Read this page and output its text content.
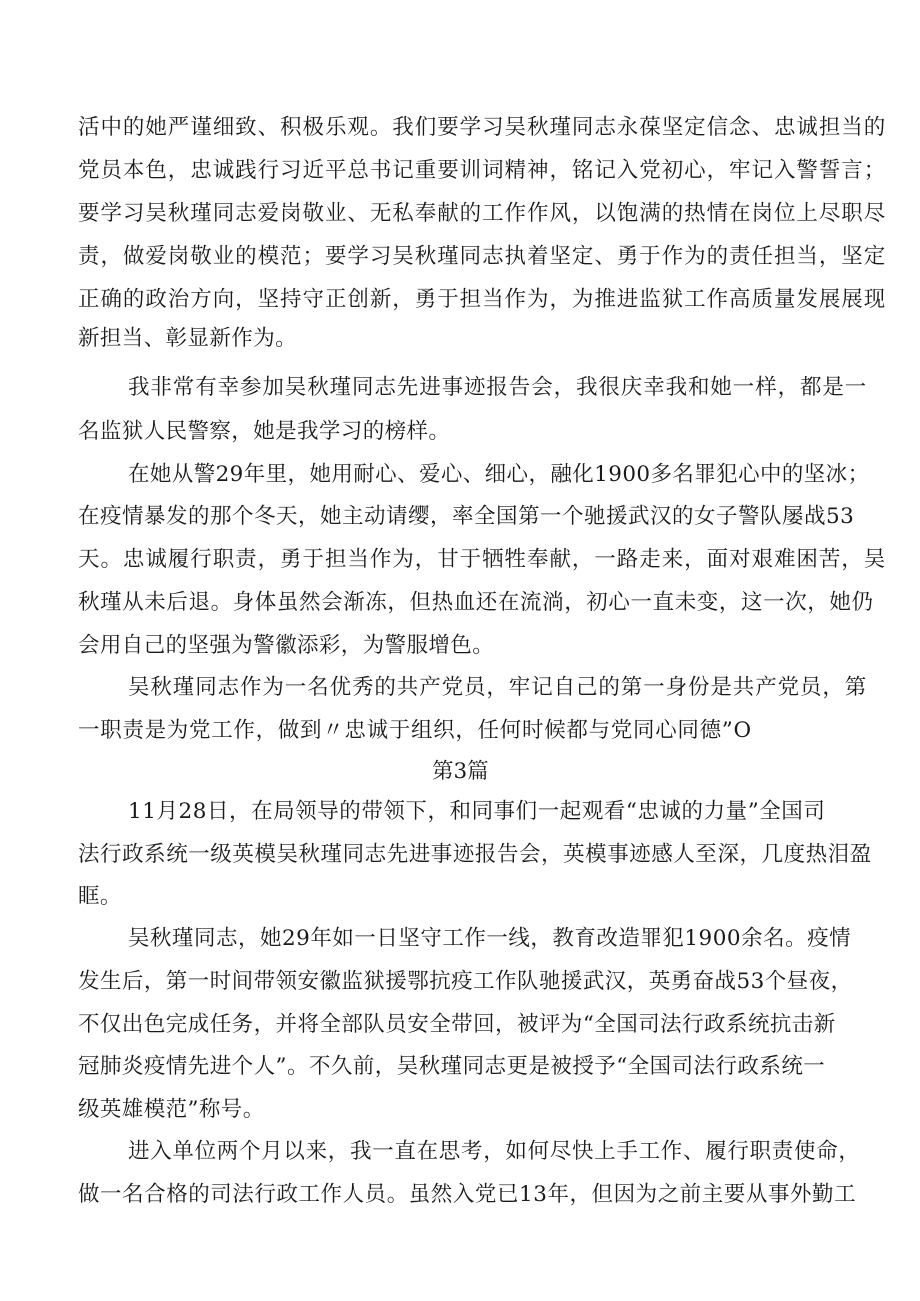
活中的她严谨细致、积极乐观。我们要学习吴秋瑾同志永葆坚定信念、忠诚担当的

党员本色，忠诚践行习近平总书记重要训词精神，铭记入党初心，牢记入警誓言；

要学习吴秋瑾同志爱岗敬业、无私奉献的工作作风，以饱满的热情在岗位上尽职尽

责，做爱岗敬业的模范；要学习吴秋瑾同志执着坚定、勇于作为的责任担当，坚定

正确的政治方向，坚持守正创新，勇于担当作为，为推进监狱工作高质量发展展现

新担当、彰显新作为。

我非常有幸参加吴秋瑾同志先进事迹报告会，我很庆幸我和她一样，都是一

名监狱人民警察，她是我学习的榜样。

在她从警29年里，她用耐心、爱心、细心，融化1900多名罪犯心中的坚冰；

在疫情暴发的那个冬天，她主动请缨，率全国第一个驰援武汉的女子警队屡战53

天。忠诚履行职责，勇于担当作为，甘于牺牲奉献，一路走来，面对艰难困苦，吴

秋瑾从未后退。身体虽然会渐冻，但热血还在流淌，初心一直未变，这一次，她仍

会用自己的坚强为警徽添彩，为警服增色。

吴秋瑾同志作为一名优秀的共产党员，牢记自己的第一身份是共产党员，第

一职责是为党工作，做到〃忠诚于组织，任何时候都与党同心同德”O

第3篇

11月28日，在局领导的带领下，和同事们一起观看“忠诚的力量”全国司

法行政系统一级英模吴秋瑾同志先进事迹报告会，英模事迹感人至深，几度热泪盈

眶。

吴秋瑾同志，她29年如一日坚守工作一线，教育改造罪犯1900余名。疫情

发生后，第一时间带领安徽监狱援鄂抗疫工作队驰援武汉，英勇奋战53个昼夜，

不仅出色完成任务，并将全部队员安全带回，被评为“全国司法行政系统抗击新

冠肺炎疫情先进个人”。不久前，吴秋瑾同志更是被授予“全国司法行政系统一

级英雄模范”称号。

进入单位两个月以来，我一直在思考，如何尽快上手工作、履行职责使命，

做一名合格的司法行政工作人员。虽然入党已13年，但因为之前主要从事外勤工
